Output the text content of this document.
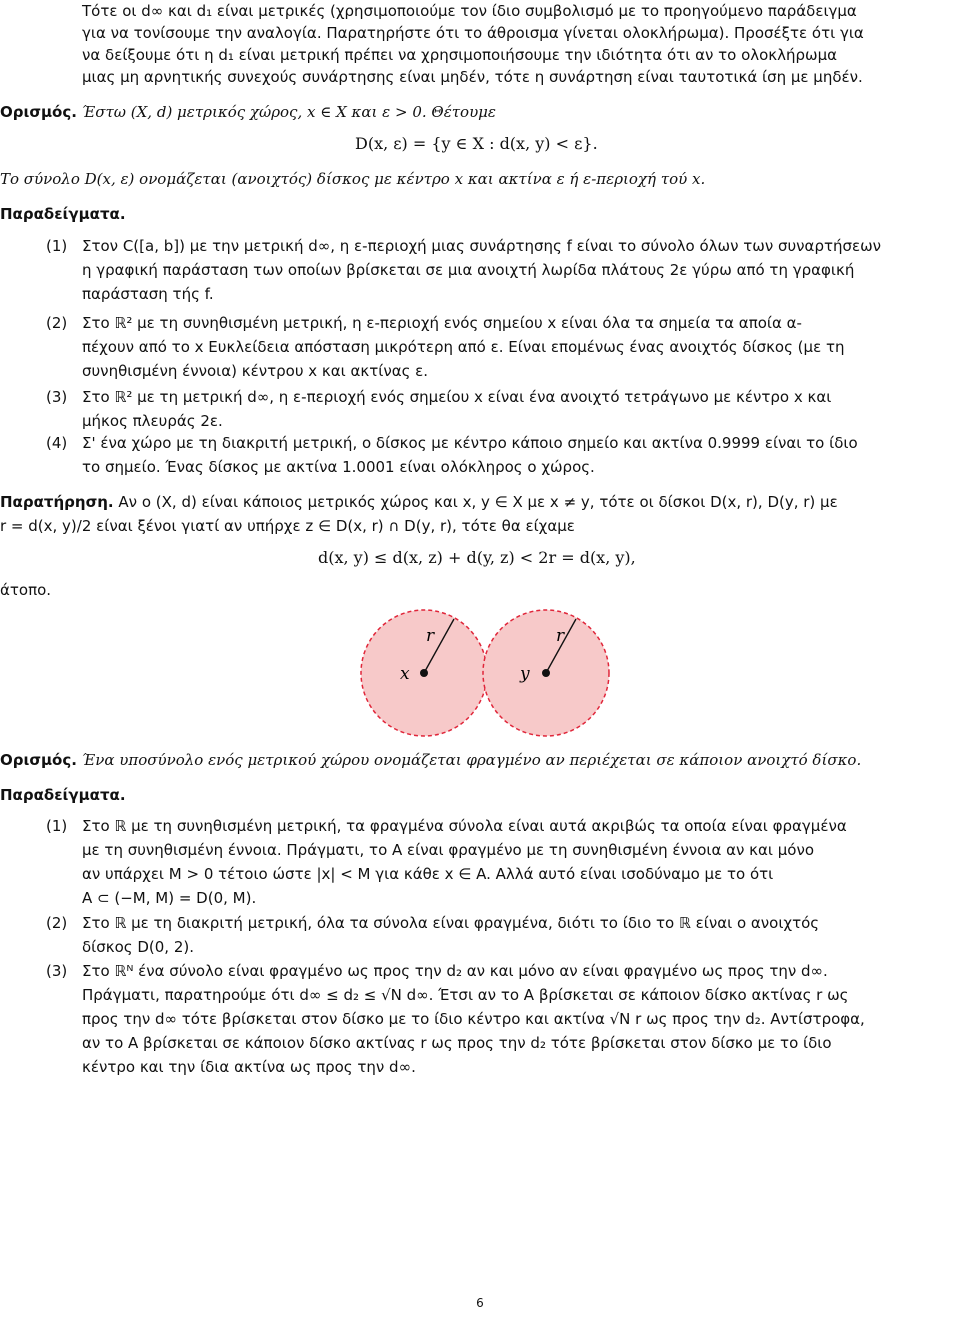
Τότε οι d∞ και d₁ είναι μετρικές (χρησιμοποιούμε τον ίδιο συμβολισμό με το προηγούμενο παράδειγμα
για να τονίσουμε την αναλογία. Παρατηρήστε ότι το άθροισμα γίνεται ολοκλήρωμα). Προσέξτε ότι για
να δείξουμε ότι η d₁ είναι μετρική πρέπει να χρησιμοποιήσουμε την ιδιότητα ότι αν το ολοκλήρωμα
μιας μη αρνητικής συνεχούς συνάρτησης είναι μηδέν, τότε η συνάρτηση είναι ταυτοτικά ίση με μηδέν.
Ορισμός. Έστω (X, d) μετρικός χώρος, x ∈ X και ε > 0. Θέτουμε
D(x, ε) = {y ∈ X : d(x, y) < ε}.
Το σύνολο D(x, ε) ονομάζεται (ανοιχτός) δίσκος με κέντρο x και ακτίνα ε ή ε-περιοχή τού x.
Παραδείγματα.
(1) Στον C([a, b]) με την μετρική d∞, η ε-περιοχή μιας συνάρτησης f είναι το σύνολο όλων των συναρτήσεων
η γραφική παράσταση των οποίων βρίσκεται σε μια ανοιχτή λωρίδα πλάτους 2ε γύρω από τη γραφική
παράσταση τής f.
(2) Στο ℝ² με τη συνηθισμένη μετρική, η ε-περιοχή ενός σημείου x είναι όλα τα σημεία τα αποία α-
πέχουν από το x Ευκλείδεια απόσταση μικρότερη από ε. Είναι επομένως ένας ανοιχτός δίσκος (με τη
συνηθισμένη έννοια) κέντρου x και ακτίνας ε.
(3) Στο ℝ² με τη μετρική d∞, η ε-περιοχή ενός σημείου x είναι ένα ανοιχτό τετράγωνο με κέντρο x και
μήκος πλευράς 2ε.
(4) Σ' ένα χώρο με τη διακριτή μετρική, ο δίσκος με κέντρο κάποιο σημείο και ακτίνα 0.9999 είναι το ίδιο
το σημείο. Ένας δίσκος με ακτίνα 1.0001 είναι ολόκληρος ο χώρος.
Παρατήρηση. Αν ο (X, d) είναι κάποιος μετρικός χώρος και x, y ∈ X με x ≠ y, τότε οι δίσκοι D(x, r), D(y, r) με
r = d(x, y)/2 είναι ξένοι γιατί αν υπήρχε z ∈ D(x, r) ∩ D(y, r), τότε θα είχαμε
d(x, y) ≤ d(x, z) + d(y, z) < 2r = d(x, y),
άτοπο.
x
r
y
r
Ορισμός. Ένα υποσύνολο ενός μετρικού χώρου ονομάζεται φραγμένο αν περιέχεται σε κάποιον ανοιχτό δίσκο.
Παραδείγματα.
(1) Στο ℝ με τη συνηθισμένη μετρική, τα φραγμένα σύνολα είναι αυτά ακριβώς τα οποία είναι φραγμένα
με τη συνηθισμένη έννοια. Πράγματι, το A είναι φραγμένο με τη συνηθισμένη έννοια αν και μόνο
αν υπάρχει M > 0 τέτοιο ώστε |x| < M για κάθε x ∈ A. Αλλά αυτό είναι ισοδύναμο με το ότι
A ⊂ (−M, M) = D(0, M).
(2) Στο ℝ με τη διακριτή μετρική, όλα τα σύνολα είναι φραγμένα, διότι το ίδιο το ℝ είναι ο ανοιχτός
δίσκος D(0, 2).
(3) Στο ℝᴺ ένα σύνολο είναι φραγμένο ως προς την d₂ αν και μόνο αν είναι φραγμένο ως προς την d∞.
Πράγματι, παρατηρούμε ότι d∞ ≤ d₂ ≤ √N d∞. Έτσι αν το A βρίσκεται σε κάποιον δίσκο ακτίνας r ως
προς την d∞ τότε βρίσκεται στον δίσκο με το ίδιο κέντρο και ακτίνα √N r ως προς την d₂. Αντίστροφα,
αν το A βρίσκεται σε κάποιον δίσκο ακτίνας r ως προς την d₂ τότε βρίσκεται στον δίσκο με το ίδιο
κέντρο και την ίδια ακτίνα ως προς την d∞.
6
